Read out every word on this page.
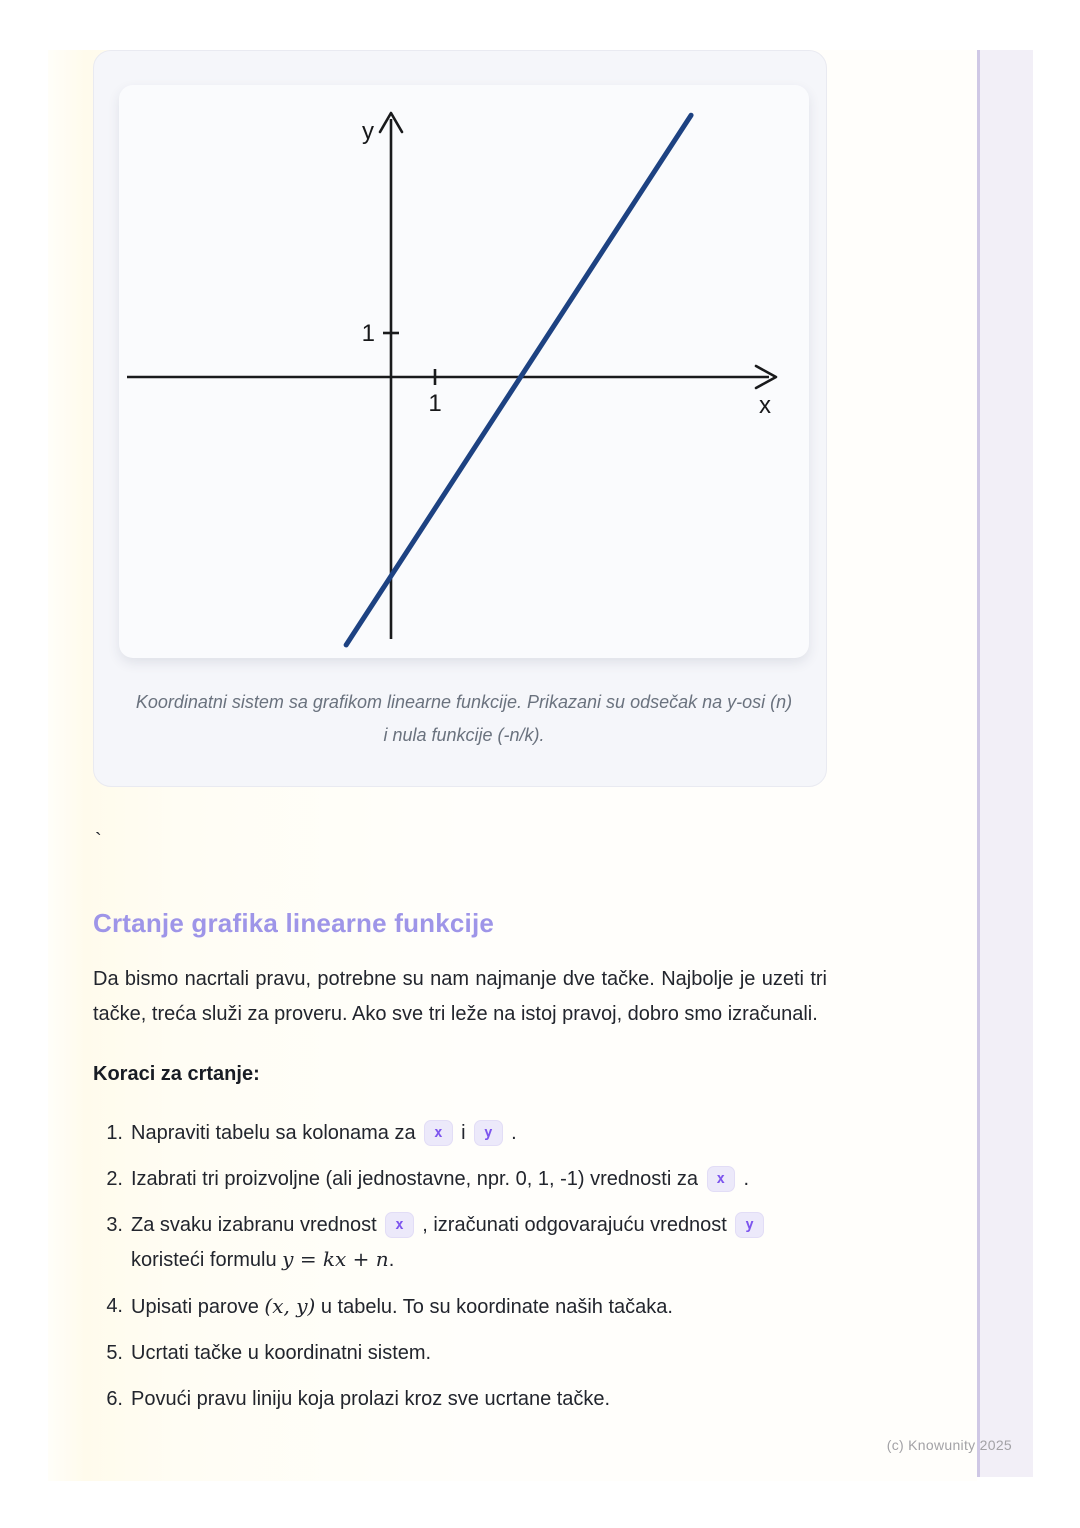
1
1
x
y
Koordinatni sistem sa grafikom linearne funkcije. Prikazani su odsečak na y-osi (n) i nula funkcije (-n/k).
`
Crtanje grafika linearne funkcije

Da bismo nacrtali pravu, potrebne su nam najmanje dve tačke. Najbolje je uzeti tri tačke, treća služi za proveru. Ako sve tri leže na istoj pravoj, dobro smo izračunali.

Koraci za crtanje:

1. Napraviti tabelu sa kolonama za x i y .
2. Izabrati tri proizvoljne (ali jednostavne, npr. 0, 1, -1) vrednosti za x .
3. Za svaku izabranu vrednost x , izračunati odgovarajuću vrednost y koristeći formulu y = kx + n.
4. Upisati parove (x, y) u tabelu. To su koordinate naših tačaka.
5. Ucrtati tačke u koordinatni sistem.
6. Povući pravu liniju koja prolazi kroz sve ucrtane tačke.
(c) Knowunity 2025
